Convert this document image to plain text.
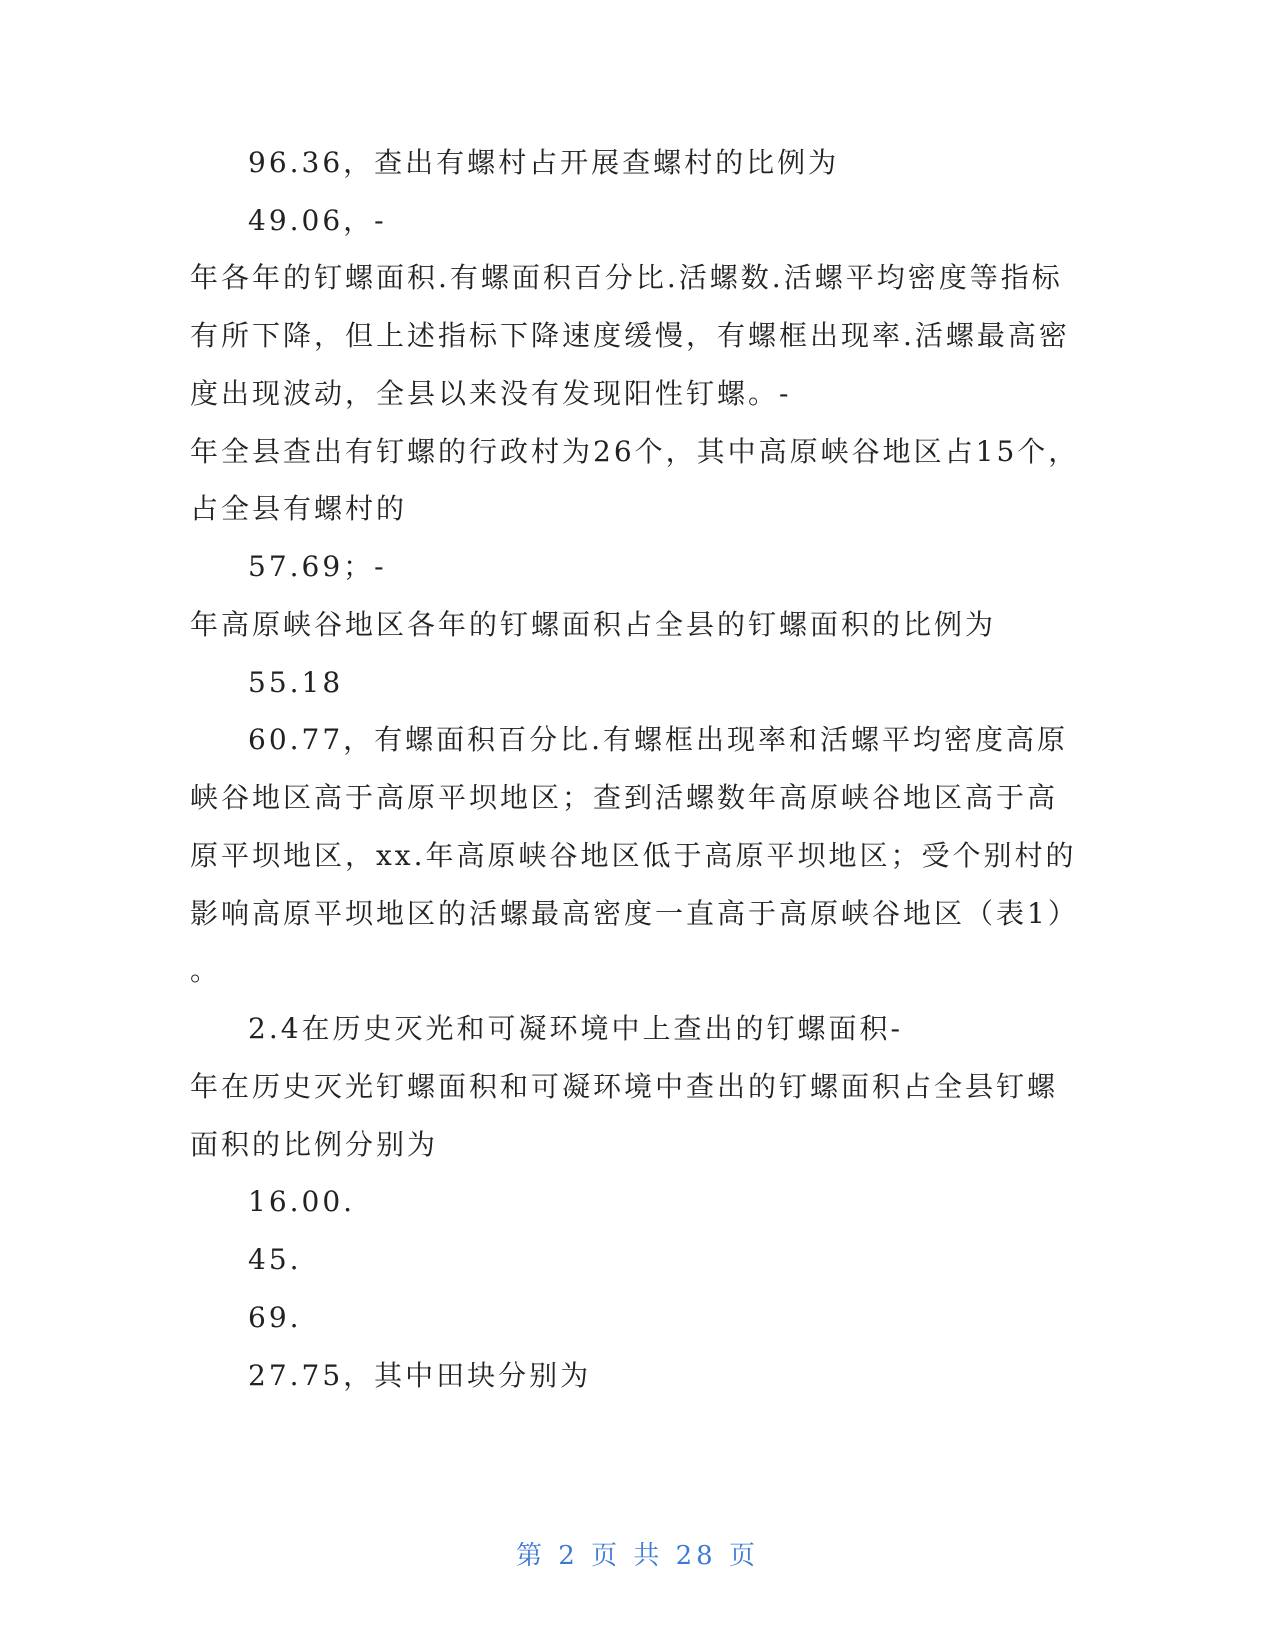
96.36，查出有螺村占开展查螺村的比例为
49.06，-
年各年的钉螺面积.有螺面积百分比.活螺数.活螺平均密度等指标
有所下降，但上述指标下降速度缓慢，有螺框出现率.活螺最高密
度出现波动，全县以来没有发现阳性钉螺。-
年全县查出有钉螺的行政村为26个，其中高原峡谷地区占15个，
占全县有螺村的
57.69；-
年高原峡谷地区各年的钉螺面积占全县的钉螺面积的比例为
55.18
60.77，有螺面积百分比.有螺框出现率和活螺平均密度高原
峡谷地区高于高原平坝地区；查到活螺数年高原峡谷地区高于高
原平坝地区，xx.年高原峡谷地区低于高原平坝地区；受个别村的
影响高原平坝地区的活螺最高密度一直高于高原峡谷地区（表1）
。
2.4在历史灭光和可凝环境中上查出的钉螺面积-
年在历史灭光钉螺面积和可凝环境中查出的钉螺面积占全县钉螺
面积的比例分别为
16.00.
45.
69.
27.75，其中田块分别为
第 2 页 共 28 页
